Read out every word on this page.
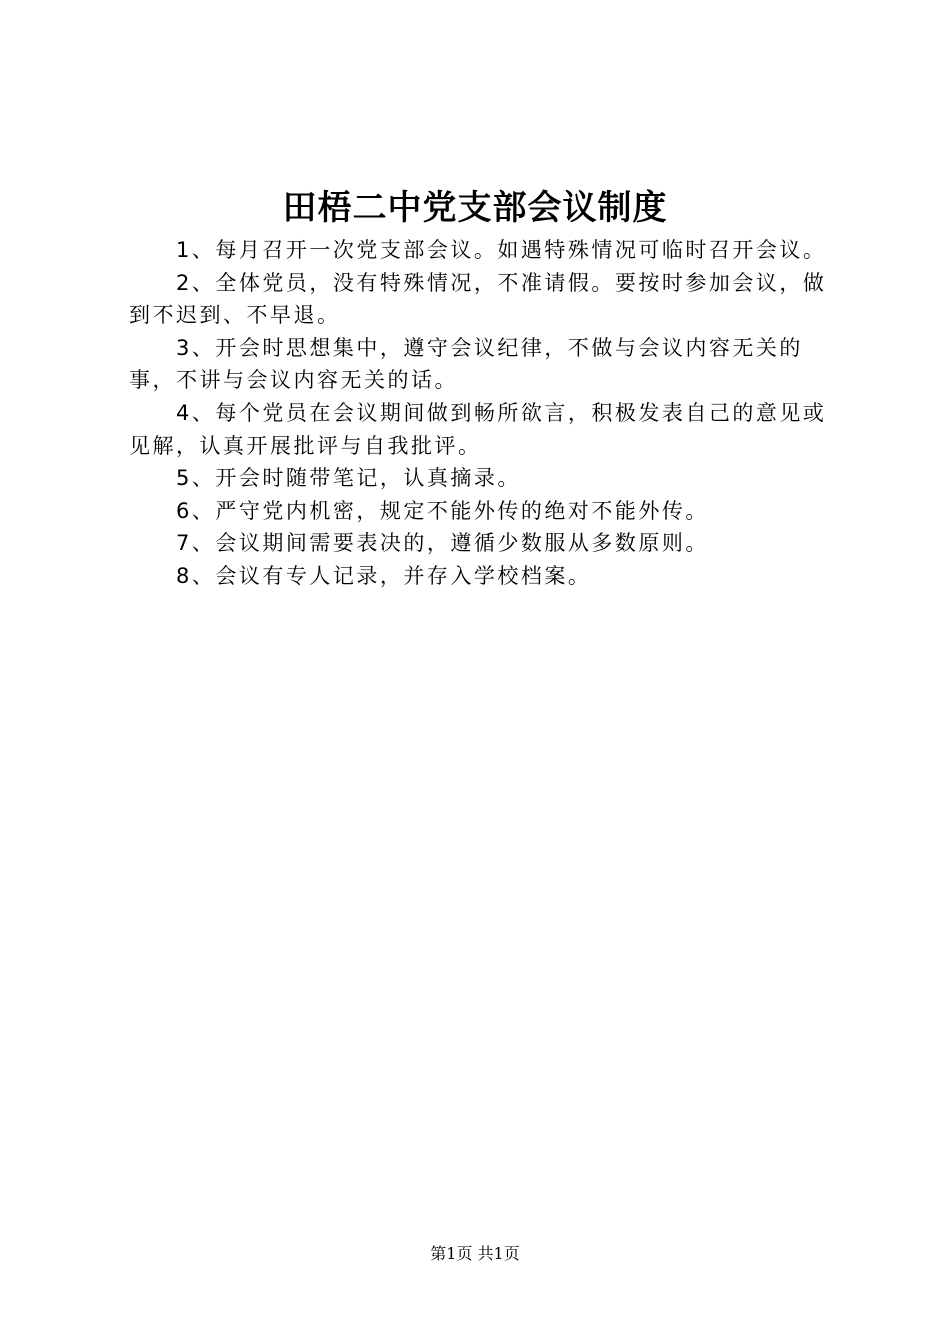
田梧二中党支部会议制度

1、每月召开一次党支部会议。如遇特殊情况可临时召开会议。

2、全体党员，没有特殊情况，不准请假。要按时参加会议，做到不迟到、不早退。

3、开会时思想集中，遵守会议纪律，不做与会议内容无关的事，不讲与会议内容无关的话。

4、每个党员在会议期间做到畅所欲言，积极发表自己的意见或见解，认真开展批评与自我批评。

5、开会时随带笔记，认真摘录。

6、严守党内机密，规定不能外传的绝对不能外传。

7、会议期间需要表决的，遵循少数服从多数原则。

8、会议有专人记录，并存入学校档案。

第1页 共1页
